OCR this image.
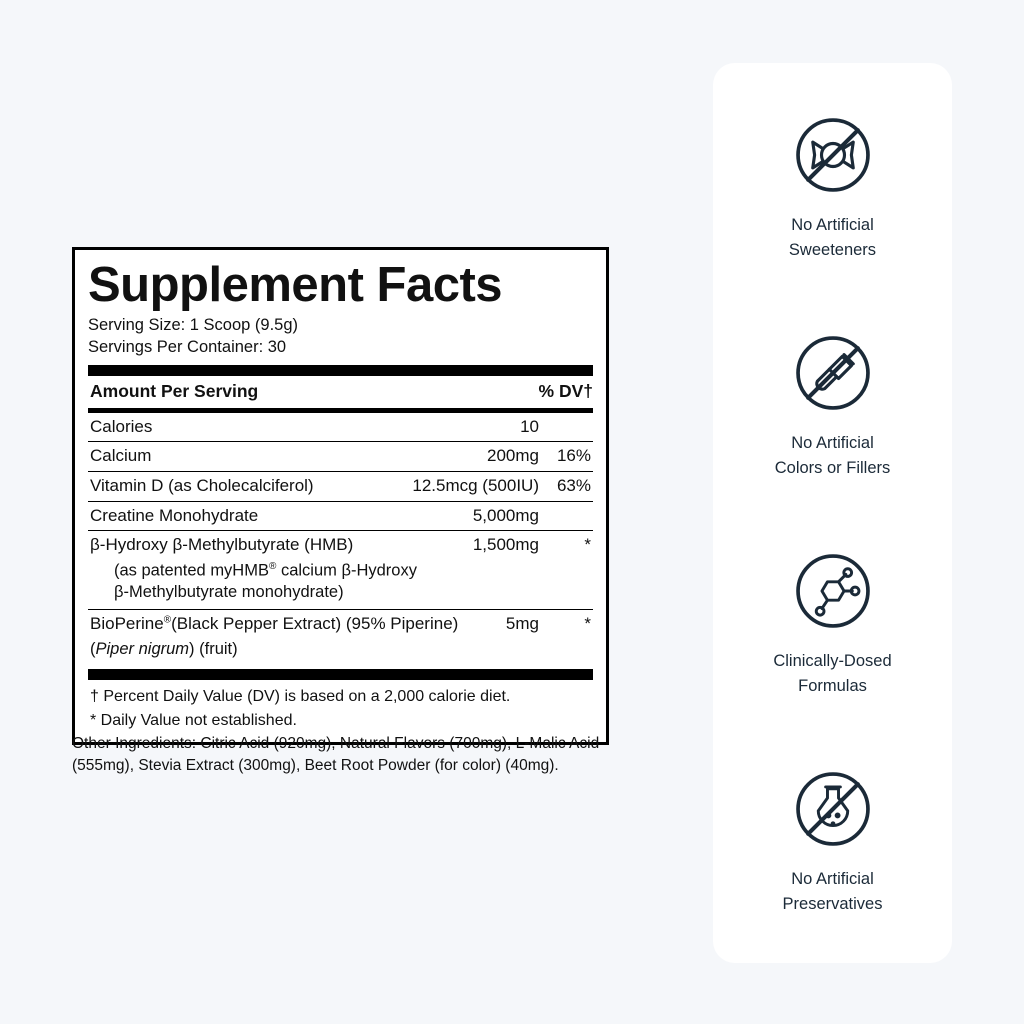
Supplement Facts
Serving Size: 1 Scoop (9.5g)
Servings Per Container: 30
Amount Per Serving	% DV†
Calories	10
Calcium	200mg	16%
Vitamin D (as Cholecalciferol)	12.5mcg (500IU)	63%
Creatine Monohydrate	5,000mg
β-Hydroxy β-Methylbutyrate (HMB)	1,500mg	*
(as patented myHMB® calcium β-Hydroxy
β-Methylbutyrate monohydrate)
BioPerine®(Black Pepper Extract) (95% Piperine)	5mg	*
(Piper nigrum) (fruit)
† Percent Daily Value (DV) is based on a 2,000 calorie diet.
* Daily Value not established.
Other Ingredients: Citric Acid (920mg), Natural Flavors (700mg), L-Malic Acid (555mg), Stevia Extract (300mg), Beet Root Powder (for color) (40mg).
No Artificial
Sweeteners
No Artificial
Colors or Fillers
Clinically-Dosed
Formulas
No Artificial
Preservatives
